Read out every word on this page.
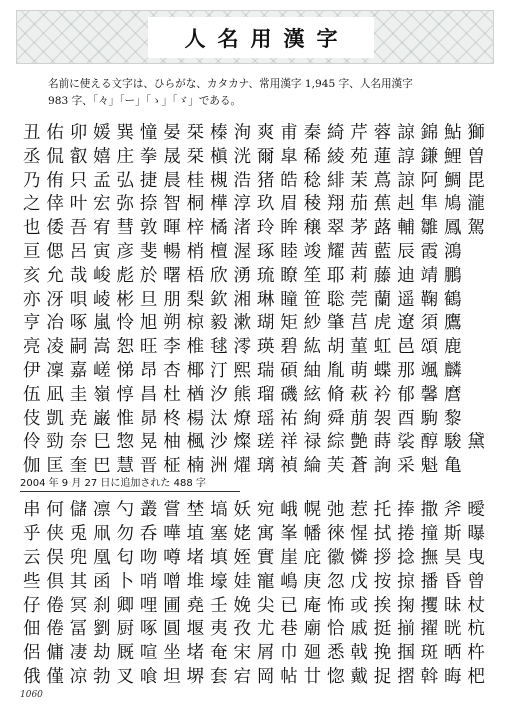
人名用漢字
名前に使える文字は、ひらがな、カタカナ、常用漢字 1,945 字、人名用漢字
983 字、「々」「ー」「ゝ」「ゞ」である。
丑 佑 卯 媛 巽 憧 晏 栞 榛 洵 爽 甫 秦 綺 芹 蓉 諒 錦 鮎 獅
丞 侃 叡 嬉 庄 拳 晟 栞 槇 洸 爾 皐 稀 綾 苑 蓮 諄 鎌 鯉 曽
乃 侑 只 孟 弘 捷 晨 桂 槻 浩 猪 皓 稔 緋 茉 蔦 諒 阿 鯛 毘
之 倖 叶 宏 弥 捺 智 桐 樺 淳 玖 眉 稜 翔 茄 蕉 赳 隼 鳩 瀧
也 倭 吾 宥 彗 敦 暉 梓 橘 渚 玲 眸 穣 翠 茅 蕗 輔 雛 鳳 駕
亘 偲 呂 寅 彦 斐 暢 梢 檀 渥 琢 睦 竣 耀 茜 藍 辰 霞 鴻
亥 允 哉 峻 彪 於 曙 梧 欣 湧 琉 瞭 笙 耶 莉 藤 迪 靖 鵬
亦 冴 唄 崚 彬 旦 朋 梨 欽 湘 琳 瞳 笹 聡 莞 蘭 遥 鞠 鶴
亨 冶 啄 嵐 怜 旭 朔 椋 毅 漱 瑚 矩 紗 肇 莒 虎 遼 須 鷹
亮 凌 嗣 嵩 恕 旺 李 椎 毬 澪 瑛 碧 紘 胡 菫 虹 邑 頌 鹿
伊 凜 嘉 嵯 悌 昂 杏 椰 汀 熙 瑞 碩 紬 胤 萌 蝶 那 颯 麟
伍 凪 圭 嶺 惇 昌 杜 楢 汐 熊 瑠 磯 絃 脩 萩 衿 郁 馨 麿
伎 凱 尭 巌 惟 昴 柊 楊 汰 燎 瑶 祐 絢 舜 萠 袈 酉 駒 黎
伶 勁 奈 巳 惣 晃 柚 楓 沙 燦 瑳 祥 禄 綜 艶 蒔 裟 醇 駿 黛
伽 匡 奎 巴 慧 晋 柾 楠 洲 燿 璃 禎 綸 芙 蒼 詢 采 魁 亀
2004 年 9 月 27 日に追加された 488 字
串 何 儲 凛 勺 叢 嘗 埜 塙 妖 宛 峨 幌 弛 惹 托 捧 撒 斧 曖
乎 侠 兎 凧 勿 呑 嘩 埴 塞 姥 寓 峯 幡 徠 惺 拭 捲 撞 斯 曝
云 俣 兜 凰 匂 吻 噂 堵 填 姪 實 崖 庇 徽 憐 拶 捻 撫 昊 曳
些 倶 其 函 卜 哨 噌 堆 壕 娃 寵 嶋 庚 忽 戊 按 掠 播 昏 曾
仔 倦 冥 刹 卿 哩 圃 堯 壬 娩 尖 已 庵 怖 或 挨 掬 攫 昧 杖
佃 倦 冨 劉 厨 啄 圓 堰 夷 孜 尤 巷 廟 恰 戚 挺 揃 擢 晄 杭
侶 傭 凄 劫 厩 喧 坐 堵 奄 宋 屑 巾 廻 悉 戟 挽 掴 斑 晒 杵
俄 僅 凉 勃 叉 喰 坦 堺 套 宕 岡 帖 廿 惚 戴 捉 摺 斡 晦 杷
1060
